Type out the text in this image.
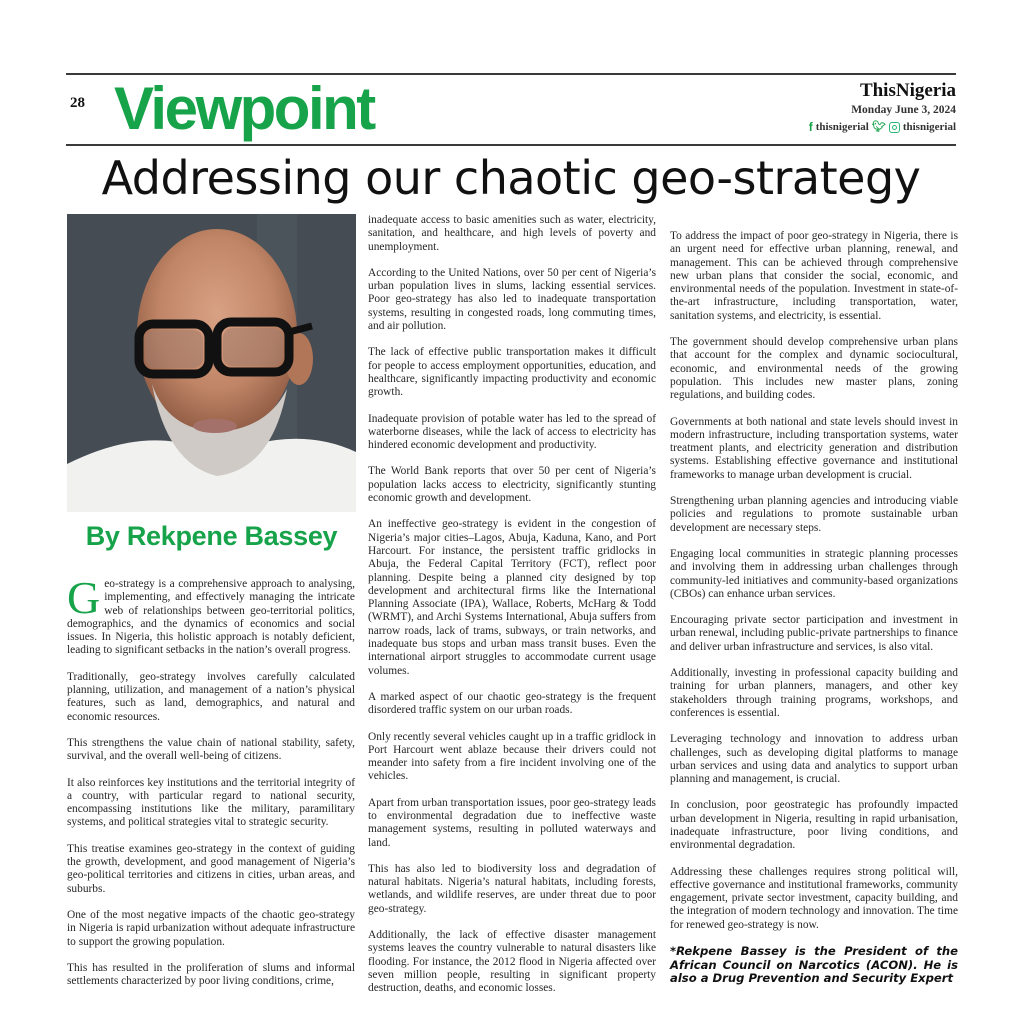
28 Viewpoint	ThisNigeria
Monday June 3, 2024
f thisnigerial 🐦︎ thisnigerial
Addressing our chaotic geo-strategy
By Rekpene Bassey

Geo-strategy is a comprehensive approach to analysing, implementing, and effectively managing the intricate web of relationships between geo-territorial politics, demographics, and the dynamics of economics and social issues. In Nigeria, this holistic approach is notably deficient, leading to significant setbacks in the nation’s overall progress.

Traditionally, geo-strategy involves carefully calculated planning, utilization, and management of a nation’s physical features, such as land, demographics, and natural and economic resources.

This strengthens the value chain of national stability, safety, survival, and the overall well-being of citizens.

It also reinforces key institutions and the territorial integrity of a country, with particular regard to national security, encompassing institutions like the military, paramilitary systems, and political strategies vital to strategic security.

This treatise examines geo-strategy in the context of guiding the growth, development, and good management of Nigeria’s geo-political territories and citizens in cities, urban areas, and suburbs.

One of the most negative impacts of the chaotic geo-strategy in Nigeria is rapid urbanization without adequate infrastructure to support the growing population.

This has resulted in the proliferation of slums and informal settlements characterized by poor living conditions, crime,

inadequate access to basic amenities such as water, electricity, sanitation, and healthcare, and high levels of poverty and unemployment.

According to the United Nations, over 50 per cent of Nigeria’s urban population lives in slums, lacking essential services. Poor geo-strategy has also led to inadequate transportation systems, resulting in congested roads, long commuting times, and air pollution.

The lack of effective public transportation makes it difficult for people to access employment opportunities, education, and healthcare, significantly impacting productivity and economic growth.

Inadequate provision of potable water has led to the spread of waterborne diseases, while the lack of access to electricity has hindered economic development and productivity.

The World Bank reports that over 50 per cent of Nigeria’s population lacks access to electricity, significantly stunting economic growth and development.

An ineffective geo-strategy is evident in the congestion of Nigeria’s major cities–Lagos, Abuja, Kaduna, Kano, and Port Harcourt. For instance, the persistent traffic gridlocks in Abuja, the Federal Capital Territory (FCT), reflect poor planning. Despite being a planned city designed by top development and architectural firms like the International Planning Associate (IPA), Wallace, Roberts, McHarg & Todd (WRMT), and Archi Systems International, Abuja suffers from narrow roads, lack of trams, subways, or train networks, and inadequate bus stops and urban mass transit buses. Even the international airport struggles to accommodate current usage volumes.

A marked aspect of our chaotic geo-strategy is the frequent disordered traffic system on our urban roads.

Only recently several vehicles caught up in a traffic gridlock in Port Harcourt went ablaze because their drivers could not meander into safety from a fire incident involving one of the vehicles.

Apart from urban transportation issues, poor geo-strategy leads to environmental degradation due to ineffective waste management systems, resulting in polluted waterways and land.

This has also led to biodiversity loss and degradation of natural habitats. Nigeria’s natural habitats, including forests, wetlands, and wildlife reserves, are under threat due to poor geo-strategy.

Additionally, the lack of effective disaster management systems leaves the country vulnerable to natural disasters like flooding. For instance, the 2012 flood in Nigeria affected over seven million people, resulting in significant property destruction, deaths, and economic losses.

To address the impact of poor geo-strategy in Nigeria, there is an urgent need for effective urban planning, renewal, and management. This can be achieved through comprehensive new urban plans that consider the social, economic, and environmental needs of the population. Investment in state-of-the-art infrastructure, including transportation, water, sanitation systems, and electricity, is essential.

The government should develop comprehensive urban plans that account for the complex and dynamic sociocultural, economic, and environmental needs of the growing population. This includes new master plans, zoning regulations, and building codes.

Governments at both national and state levels should invest in modern infrastructure, including transportation systems, water treatment plants, and electricity generation and distribution systems. Establishing effective governance and institutional frameworks to manage urban development is crucial.

Strengthening urban planning agencies and introducing viable policies and regulations to promote sustainable urban development are necessary steps.

Engaging local communities in strategic planning processes and involving them in addressing urban challenges through community-led initiatives and community-based organizations (CBOs) can enhance urban services.

Encouraging private sector participation and investment in urban renewal, including public-private partnerships to finance and deliver urban infrastructure and services, is also vital.

Additionally, investing in professional capacity building and training for urban planners, managers, and other key stakeholders through training programs, workshops, and conferences is essential.

Leveraging technology and innovation to address urban challenges, such as developing digital platforms to manage urban services and using data and analytics to support urban planning and management, is crucial.

In conclusion, poor geostrategic has profoundly impacted urban development in Nigeria, resulting in rapid urbanisation, inadequate infrastructure, poor living conditions, and environmental degradation.

Addressing these challenges requires strong political will, effective governance and institutional frameworks, community engagement, private sector investment, capacity building, and the integration of modern technology and innovation. The time for renewed geo-strategy is now.

*Rekpene Bassey is the President of the African Council on Narcotics (ACON). He is also a Drug Prevention and Security Expert
